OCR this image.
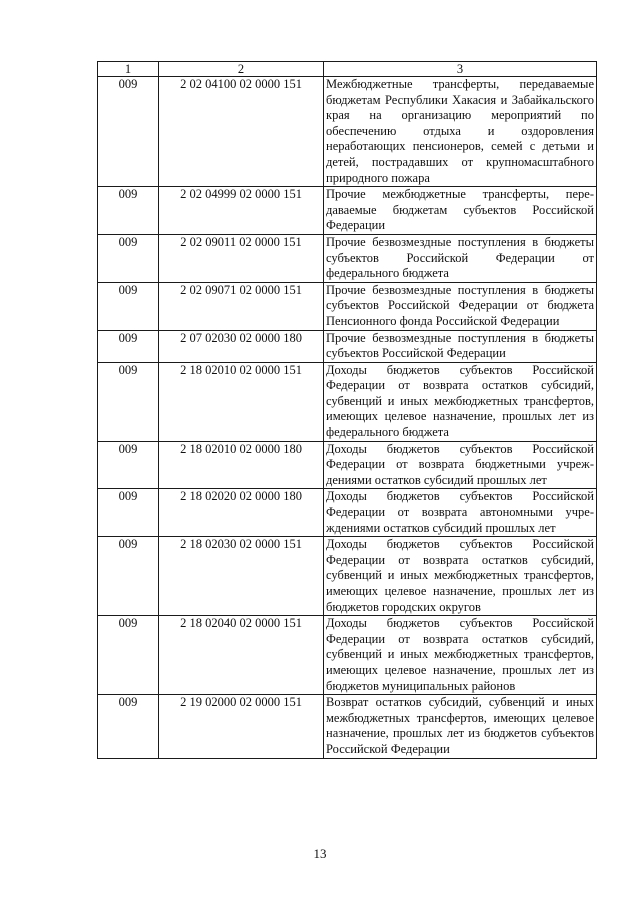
1	2	3
009	2 02 04100 02 0000 151	Межбюджетные трансферты, передаваемые бюджетам Республики Хакасия и Забайкальского края на организацию мероприятий по обеспечению отдыха и оздоровления неработающих пенсионеров, семей с детьми и детей, пострадавших от крупномасштабного природного пожара
009	2 02 04999 02 0000 151	Прочие межбюджетные трансферты, передаваемые бюджетам субъектов Российской Федерации
009	2 02 09011 02 0000 151	Прочие безвозмездные поступления в бюджеты субъектов Российской Федерации от федерального бюджета
009	2 02 09071 02 0000 151	Прочие безвозмездные поступления в бюджеты субъектов Российской Федерации от бюджета Пенсионного фонда Российской Федерации
009	2 07 02030 02 0000 180	Прочие безвозмездные поступления в бюджеты субъектов Российской Федерации
009	2 18 02010 02 0000 151	Доходы бюджетов субъектов Российской Федерации от возврата остатков субсидий, субвенций и иных межбюджетных трансфертов, имеющих целевое назначение, прошлых лет из федерального бюджета
009	2 18 02010 02 0000 180	Доходы бюджетов субъектов Российской Федерации от возврата бюджетными учреждениями остатков субсидий прошлых лет
009	2 18 02020 02 0000 180	Доходы бюджетов субъектов Российской Федерации от возврата автономными учреждениями остатков субсидий прошлых лет
009	2 18 02030 02 0000 151	Доходы бюджетов субъектов Российской Федерации от возврата остатков субсидий, субвенций и иных межбюджетных трансфертов, имеющих целевое назначение, прошлых лет из бюджетов городских округов
009	2 18 02040 02 0000 151	Доходы бюджетов субъектов Российской Федерации от возврата остатков субсидий, субвенций и иных межбюджетных трансфертов, имеющих целевое назначение, прошлых лет из бюджетов муниципальных районов
009	2 19 02000 02 0000 151	Возврат остатков субсидий, субвенций и иных межбюджетных трансфертов, имеющих целевое назначение, прошлых лет из бюджетов субъектов Российской Федерации
13
